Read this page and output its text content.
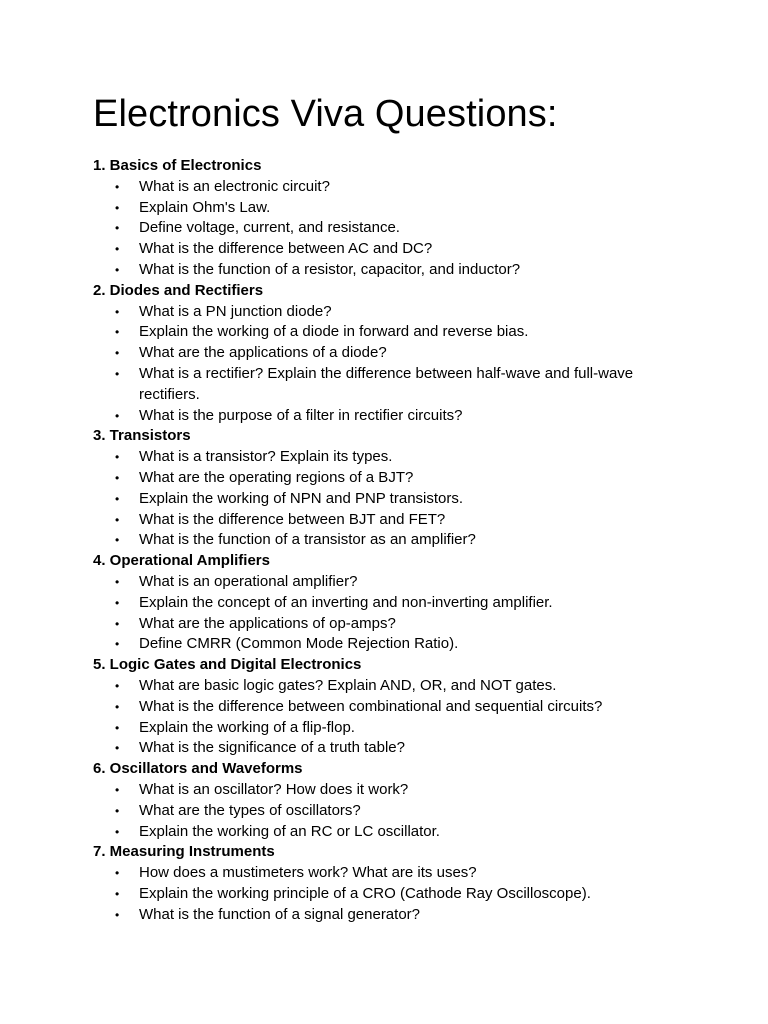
Electronics Viva Questions:
1. Basics of Electronics
• What is an electronic circuit?
• Explain Ohm's Law.
• Define voltage, current, and resistance.
• What is the difference between AC and DC?
• What is the function of a resistor, capacitor, and inductor?
2. Diodes and Rectifiers
• What is a PN junction diode?
• Explain the working of a diode in forward and reverse bias.
• What are the applications of a diode?
• What is a rectifier? Explain the difference between half-wave and full-wave rectifiers.
• What is the purpose of a filter in rectifier circuits?
3. Transistors
• What is a transistor? Explain its types.
• What are the operating regions of a BJT?
• Explain the working of NPN and PNP transistors.
• What is the difference between BJT and FET?
• What is the function of a transistor as an amplifier?
4. Operational Amplifiers
• What is an operational amplifier?
• Explain the concept of an inverting and non-inverting amplifier.
• What are the applications of op-amps?
• Define CMRR (Common Mode Rejection Ratio).
5. Logic Gates and Digital Electronics
• What are basic logic gates? Explain AND, OR, and NOT gates.
• What is the difference between combinational and sequential circuits?
• Explain the working of a flip-flop.
• What is the significance of a truth table?
6. Oscillators and Waveforms
• What is an oscillator? How does it work?
• What are the types of oscillators?
• Explain the working of an RC or LC oscillator.
7. Measuring Instruments
• How does a mustimeters work? What are its uses?
• Explain the working principle of a CRO (Cathode Ray Oscilloscope).
• What is the function of a signal generator?
